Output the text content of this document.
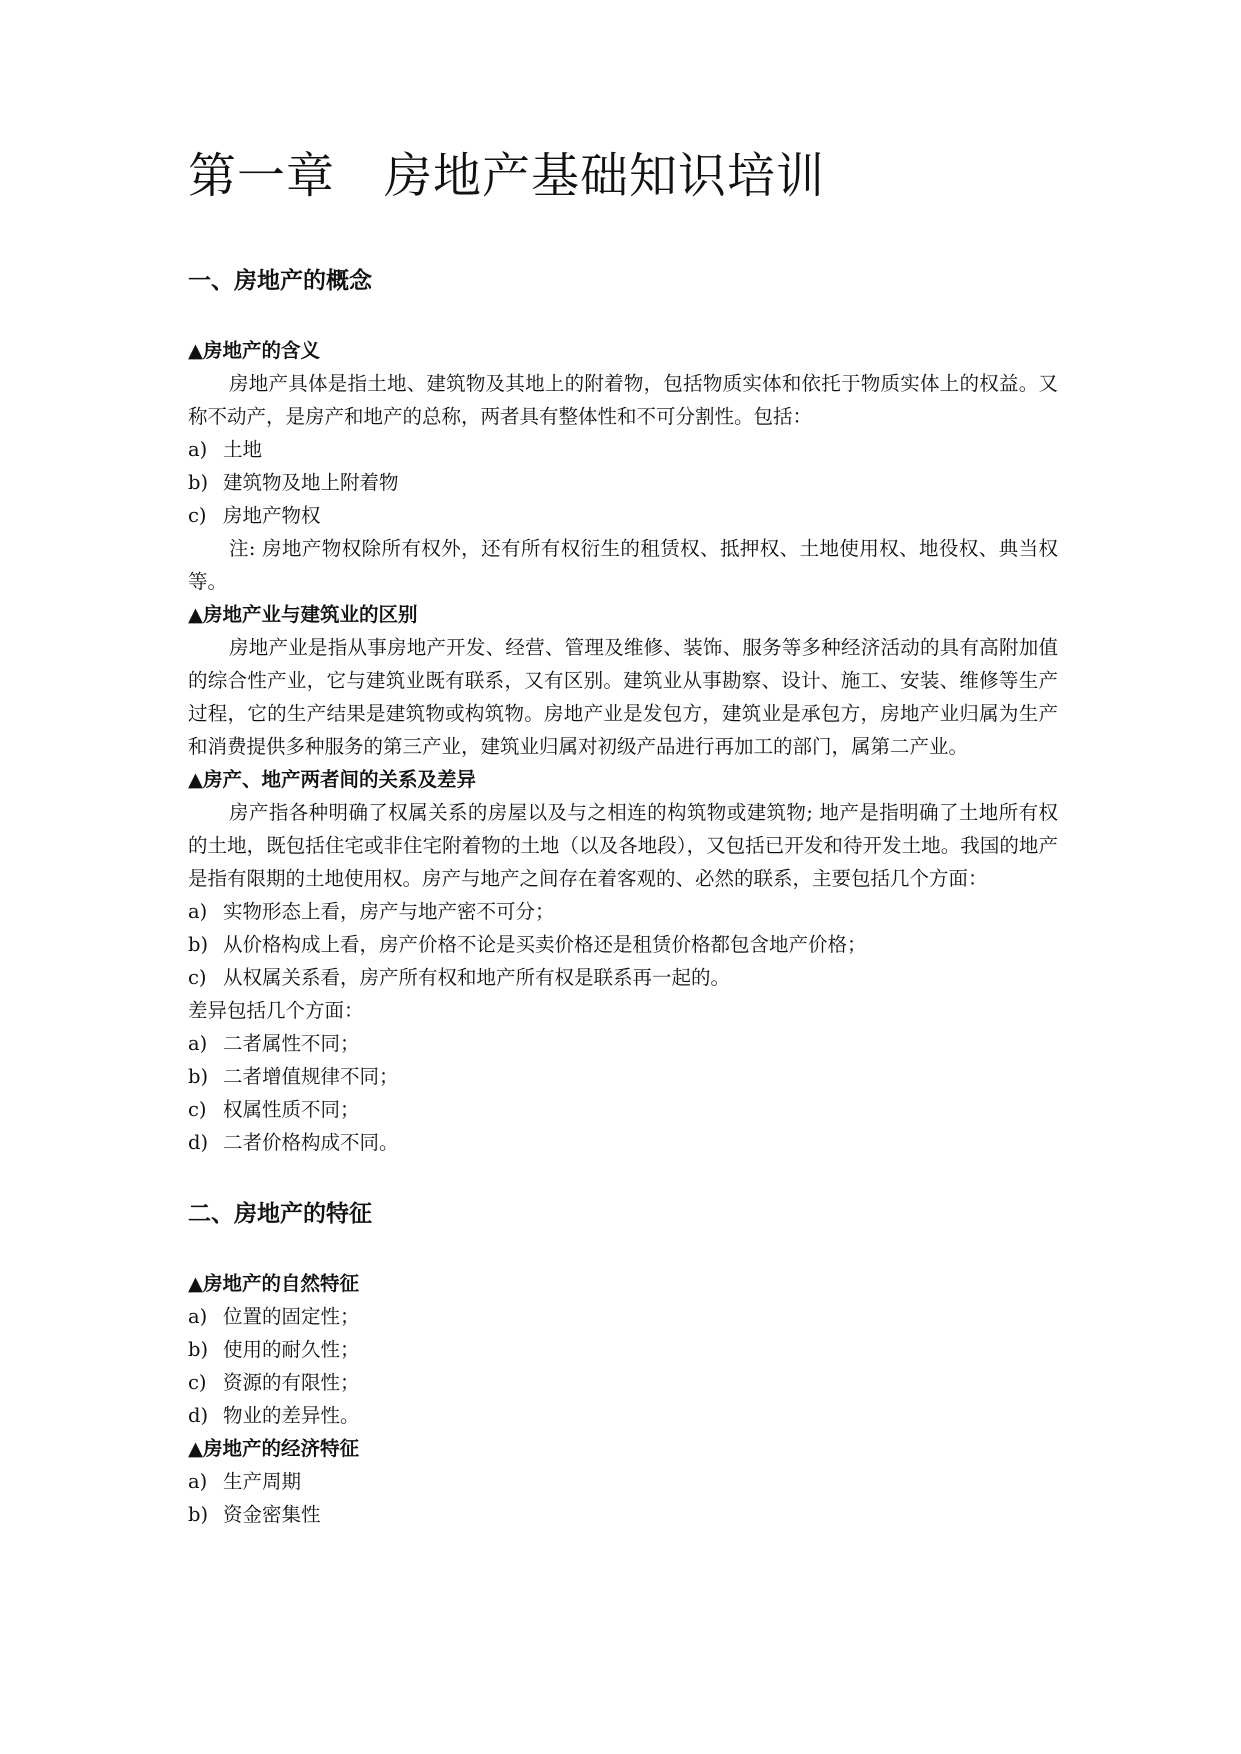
第一章　房地产基础知识培训
一、房地产的概念
▲房地产的含义

房地产具体是指土地、建筑物及其地上的附着物，包括物质实体和依托于物质实体上的权益。又称不动产，是房产和地产的总称，两者具有整体性和不可分割性。包括：

a) 土地
b) 建筑物及地上附着物
c) 房地产物权

注: 房地产物权除所有权外，还有所有权衍生的租赁权、抵押权、土地使用权、地役权、典当权等。

▲房地产业与建筑业的区别

房地产业是指从事房地产开发、经营、管理及维修、装饰、服务等多种经济活动的具有高附加值的综合性产业，它与建筑业既有联系，又有区别。建筑业从事勘察、设计、施工、安装、维修等生产过程，它的生产结果是建筑物或构筑物。房地产业是发包方，建筑业是承包方，房地产业归属为生产和消费提供多种服务的第三产业，建筑业归属对初级产品进行再加工的部门，属第二产业。

▲房产、地产两者间的关系及差异

房产指各种明确了权属关系的房屋以及与之相连的构筑物或建筑物; 地产是指明确了土地所有权的土地，既包括住宅或非住宅附着物的土地（以及各地段），又包括已开发和待开发土地。我国的地产是指有限期的土地使用权。房产与地产之间存在着客观的、必然的联系，主要包括几个方面：

a) 实物形态上看，房产与地产密不可分；
b) 从价格构成上看，房产价格不论是买卖价格还是租赁价格都包含地产价格；
c) 从权属关系看，房产所有权和地产所有权是联系再一起的。

差异包括几个方面：

a) 二者属性不同；
b) 二者增值规律不同；
c) 权属性质不同；
d) 二者价格构成不同。
二、房地产的特征
▲房地产的自然特征
a) 位置的固定性；
b) 使用的耐久性；
c) 资源的有限性；
d) 物业的差异性。
▲房地产的经济特征
a) 生产周期
b) 资金密集性
